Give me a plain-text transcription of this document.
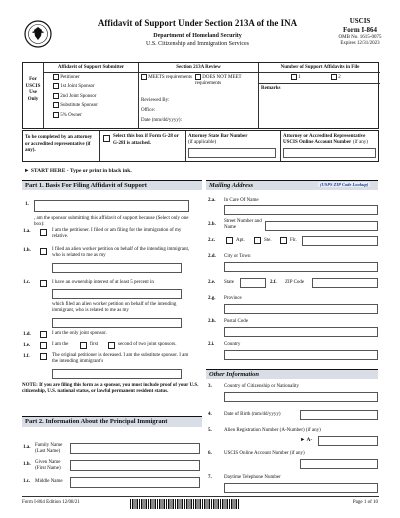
Affidavit of Support Under Section 213A of the INA
Department of Homeland Security
U.S. Citizenship and Immigration Services
USCIS
Form I-864
OMB No. 1615-0075
Expires 12/31/2023
For USCIS Use Only
Affidavit of Support Submitter
Petitioner
1st Joint Sponsor
2nd Joint Sponsor
Substitute Sponsor
5% Owner
Section 213A Review
MEETS requirements	DOES NOT MEET requirements
Reviewed By:
Office:
Date (mm/dd/yyyy):
Number of Support Affidavits in File
1	2
Remarks
To be completed by an attorney or accredited representative (if any).
Select this box if Form G-28 or G-28I is attached.
Attorney State Bar Number
(if applicable)
Attorney or Accredited Representative USCIS Online Account Number (if any)
► START HERE - Type or print in black ink.
Part 1. Basis For Filing Affidavit of Support
1.
, am the sponsor submitting this affidavit of support because (Select only one box):
1.a.	I am the petitioner. I filed or am filing for the immigration of my relative.
1.b.	I filed an alien worker petition on behalf of the intending immigrant, who is related to me as my
1.c.	I have an ownership interest of at least 5 percent in
which filed an alien worker petition on behalf of the intending immigrant, who is related to me as my
1.d.	I am the only joint sponsor.
1.e.	I am the	first	second of two joint sponsors.
1.f.	The original petitioner is deceased. I am the substitute sponsor. I am the intending immigrant's
NOTE: If you are filing this form as a sponsor, you must include proof of your U.S. citizenship, U.S. national status, or lawful permanent resident status.
Part 2. Information About the Principal Immigrant
1.a. Family Name (Last Name)
1.b. Given Name (First Name)
1.c. Middle Name
Mailing Address	(USPS ZIP Code Lookup)
2.a. In Care Of Name
2.b.
Street Number and Name
2.c.	Apt.	Ste.	Flr.
2.d. City or Town
2.e. State	2.f. ZIP Code
2.g. Province
2.h. Postal Code
2.i. Country
Other Information
3. Country of Citizenship or Nationality
4. Date of Birth (mm/dd/yyyy)
5. Alien Registration Number (A-Number) (if any)
► A-
6. USCIS Online Account Number (if any)
7. Daytime Telephone Number
Form I-864 Edition 12/08/21	Page 1 of 10
